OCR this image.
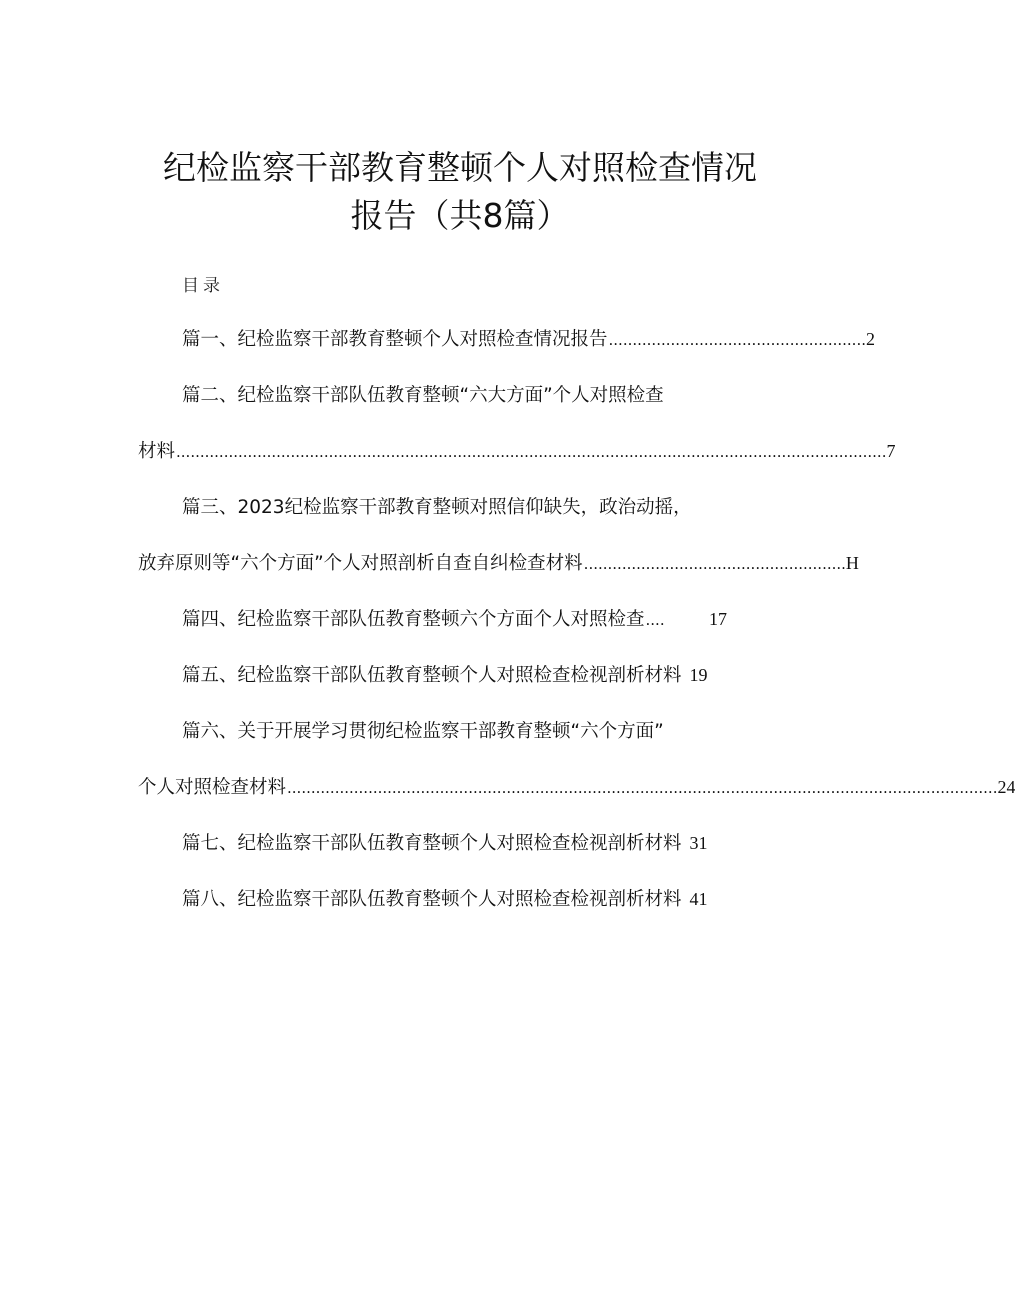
纪检监察干部教育整顿个人对照检查情况
报告（共8篇）
目录
篇一、纪检监察干部教育整顿个人对照检查情况报告 ...................................................... 2
篇二、纪检监察干部队伍教育整顿“六大方面”个人对照检查
材料 ..................................................................................................................................................... 7
篇三、2023纪检监察干部教育整顿对照信仰缺失，政治动摇，
放弃原则等“六个方面”个人对照剖析自查自纠检查材料 ....................................................... H
篇四、纪检监察干部队伍教育整顿六个方面个人对照检查 ....	17
篇五、纪检监察干部队伍教育整顿个人对照检查检视剖析材料 19
篇六、关于开展学习贯彻纪检监察干部教育整顿“六个方面”
个人对照检查材料 ..................................................................................................................................................... 24
篇七、纪检监察干部队伍教育整顿个人对照检查检视剖析材料 31
篇八、纪检监察干部队伍教育整顿个人对照检查检视剖析材料 41
